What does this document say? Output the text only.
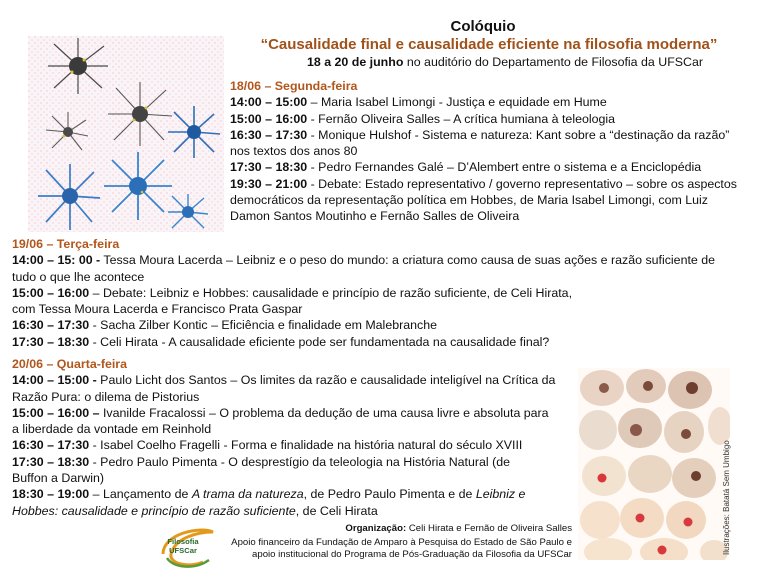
Colóquio
“Causalidade final e causalidade eficiente na filosofia moderna”
18 a 20 de junho no auditório do Departamento de Filosofia da UFSCar
18/06 – Segunda-feira
14:00 – 15:00 – Maria Isabel Limongi - Justiça e equidade em Hume
15:00 – 16:00 - Fernão Oliveira Salles – A crítica humiana à teleologia
16:30 – 17:30 - Monique Hulshof - Sistema e natureza: Kant sobre a “destinação da razão”
nos textos dos anos 80
17:30 – 18:30 - Pedro Fernandes Galé – D’Alembert entre o sistema e a Enciclopédia
19:30 – 21:00 - Debate: Estado representativo / governo representativo – sobre os aspectos
democráticos da representação política em Hobbes, de Maria Isabel Limongi, com Luiz
Damon Santos Moutinho e Fernão Salles de Oliveira
19/06 – Terça-feira
14:00 – 15: 00 - Tessa Moura Lacerda – Leibniz e o peso do mundo: a criatura como causa de suas ações e razão suficiente de
tudo o que lhe acontece
15:00 – 16:00 – Debate: Leibniz e Hobbes: causalidade e princípio de razão suficiente, de Celi Hirata,
com Tessa Moura Lacerda e Francisco Prata Gaspar
16:30 – 17:30 - Sacha Zilber Kontic – Eficiência e finalidade em Malebranche
17:30 – 18:30 - Celi Hirata - A causalidade eficiente pode ser fundamentada na causalidade final?
20/06 – Quarta-feira
14:00 – 15:00 - Paulo Licht dos Santos – Os limites da razão e causalidade inteligível na Crítica da
Razão Pura: o dilema de Pistorius
15:00 – 16:00 – Ivanilde Fracalossi – O problema da dedução de uma causa livre e absoluta para
a liberdade da vontade em Reinhold
16:30 – 17:30 - Isabel Coelho Fragelli - Forma e finalidade na história natural do século XVIII
17:30 – 18:30 - Pedro Paulo Pimenta - O desprestígio da teleologia na História Natural (de
Buffon a Darwin)
18:30 – 19:00 – Lançamento de A trama da natureza, de Pedro Paulo Pimenta e de Leibniz e
Hobbes: causalidade e princípio de razão suficiente, de Celi Hirata	Ilustrações: Batatá Sem Umbigo
Filosofia
UFSCar
Organização: Celi Hirata e Fernão de Oliveira Salles
Apoio financeiro da Fundação de Amparo à Pesquisa do Estado de São Paulo e
apoio institucional do Programa de Pós-Graduação da Filosofia da UFSCar
